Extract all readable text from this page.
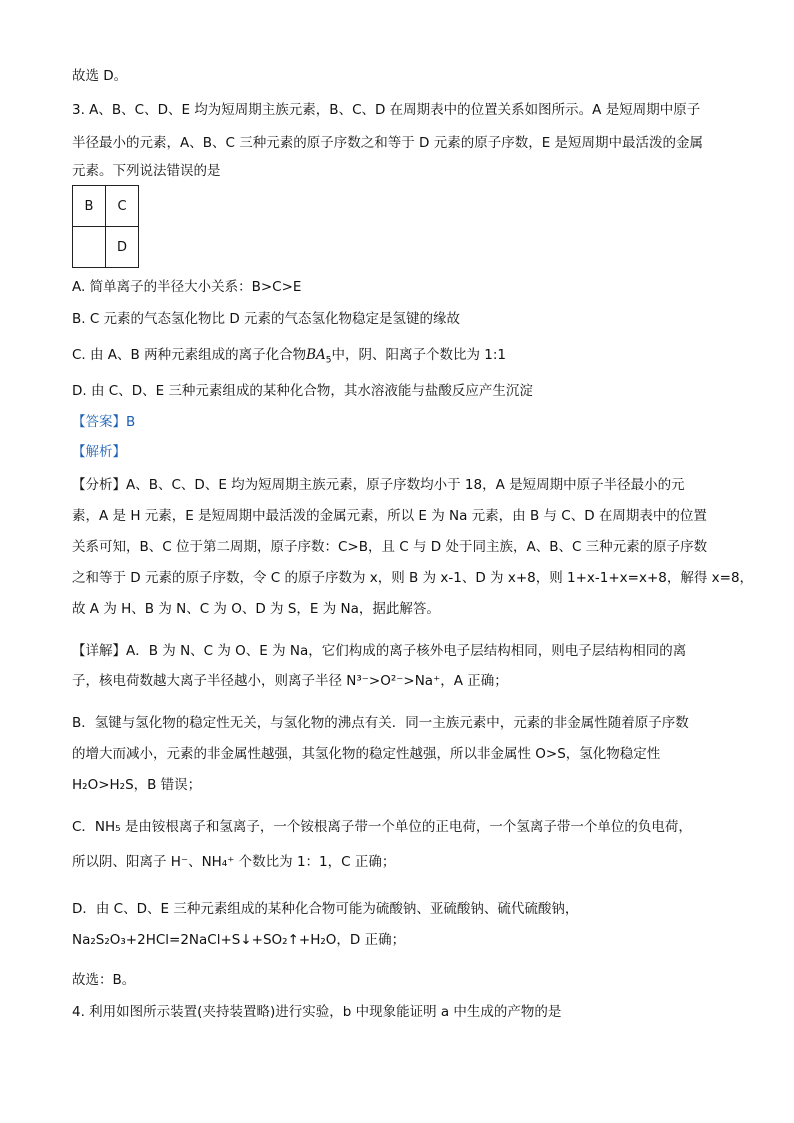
故选 D。
3. A、B、C、D、E 均为短周期主族元素，B、C、D 在周期表中的位置关系如图所示。A 是短周期中原子
半径最小的元素，A、B、C 三种元素的原子序数之和等于 D 元素的原子序数，E 是短周期中最活泼的金属
元素。下列说法错误的是
B	C
	D
A. 简单离子的半径大小关系：B>C>E
B. C 元素的气态氢化物比 D 元素的气态氢化物稳定是氢键的缘故
C. 由 A、B 两种元素组成的离子化合物$BA_5$中，阴、阳离子个数比为 1:1
D. 由 C、D、E 三种元素组成的某种化合物，其水溶液能与盐酸反应产生沉淀
【答案】B
【解析】
【分析】A、B、C、D、E 均为短周期主族元素，原子序数均小于 18，A 是短周期中原子半径最小的元
素，A 是 H 元素，E 是短周期中最活泼的金属元素，所以 E 为 Na 元素，由 B 与 C、D 在周期表中的位置
关系可知，B、C 位于第二周期，原子序数：C>B，且 C 与 D 处于同主族，A、B、C 三种元素的原子序数
之和等于 D 元素的原子序数，令 C 的原子序数为 x，则 B 为 x-1、D 为 x+8，则 1+x-1+x=x+8，解得 x=8，
故 A 为 H、B 为 N、C 为 O、D 为 S，E 为 Na，据此解答。
【详解】A．B 为 N、C 为 O、E 为 Na，它们构成的离子核外电子层结构相同，则电子层结构相同的离
子，核电荷数越大离子半径越小，则离子半径 N³⁻>O²⁻>Na⁺，A 正确；
B．氢键与氢化物的稳定性无关，与氢化物的沸点有关．同一主族元素中，元素的非金属性随着原子序数
的增大而减小，元素的非金属性越强，其氢化物的稳定性越强，所以非金属性 O>S，氢化物稳定性
H₂O>H₂S，B 错误；
C．NH₅ 是由铵根离子和氢离子，一个铵根离子带一个单位的正电荷，一个氢离子带一个单位的负电荷，
所以阴、阳离子 H⁻、NH₄⁺ 个数比为 1：1，C 正确；
D．由 C、D、E 三种元素组成的某种化合物可能为硫酸钠、亚硫酸钠、硫代硫酸钠，
Na₂S₂O₃+2HCl=2NaCl+S↓+SO₂↑+H₂O，D 正确；
故选：B。
4. 利用如图所示装置(夹持装置略)进行实验，b 中现象能证明 a 中生成的产物的是
